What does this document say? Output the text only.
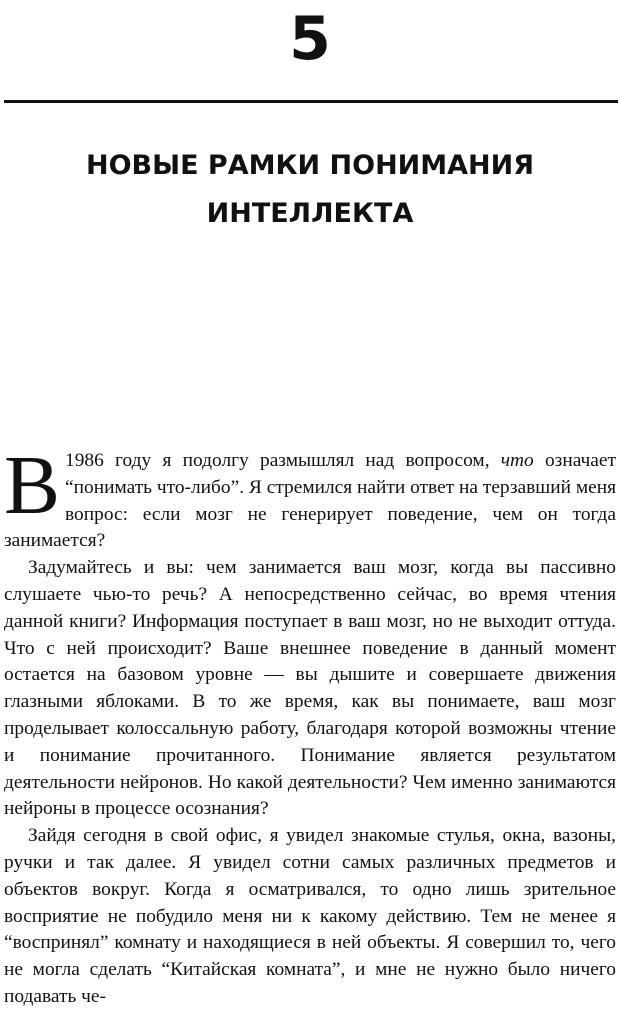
5
НОВЫЕ РАМКИ ПОНИМАНИЯ
ИНТЕЛЛЕКТА

В 1986 году я подолгу размышлял над вопросом, что означает “понимать что-либо”. Я стремился найти ответ на терзавший меня вопрос: если мозг не генерирует поведение, чем он тогда занимается?

Задумайтесь и вы: чем занимается ваш мозг, когда вы пассивно слушаете чью-то речь? А непосредственно сейчас, во время чтения данной книги? Информация поступает в ваш мозг, но не выходит оттуда. Что с ней происходит? Ваше внешнее поведение в данный момент остается на базовом уровне — вы дышите и совершаете движения глазными яблоками. В то же время, как вы понимаете, ваш мозг проделывает колоссальную работу, благодаря которой возможны чтение и понимание прочитанного. Понимание является результатом деятельности нейронов. Но какой деятельности? Чем именно занимаются нейроны в процессе осознания?

Зайдя сегодня в свой офис, я увидел знакомые стулья, окна, вазоны, ручки и так далее. Я увидел сотни самых различных предметов и объектов вокруг. Когда я осматривался, то одно лишь зрительное восприятие не побудило меня ни к какому действию. Тем не менее я “воспринял” комнату и находящиеся в ней объекты. Я совершил то, чего не могла сделать “Китайская комната”, и мне не нужно было ничего подавать че-
